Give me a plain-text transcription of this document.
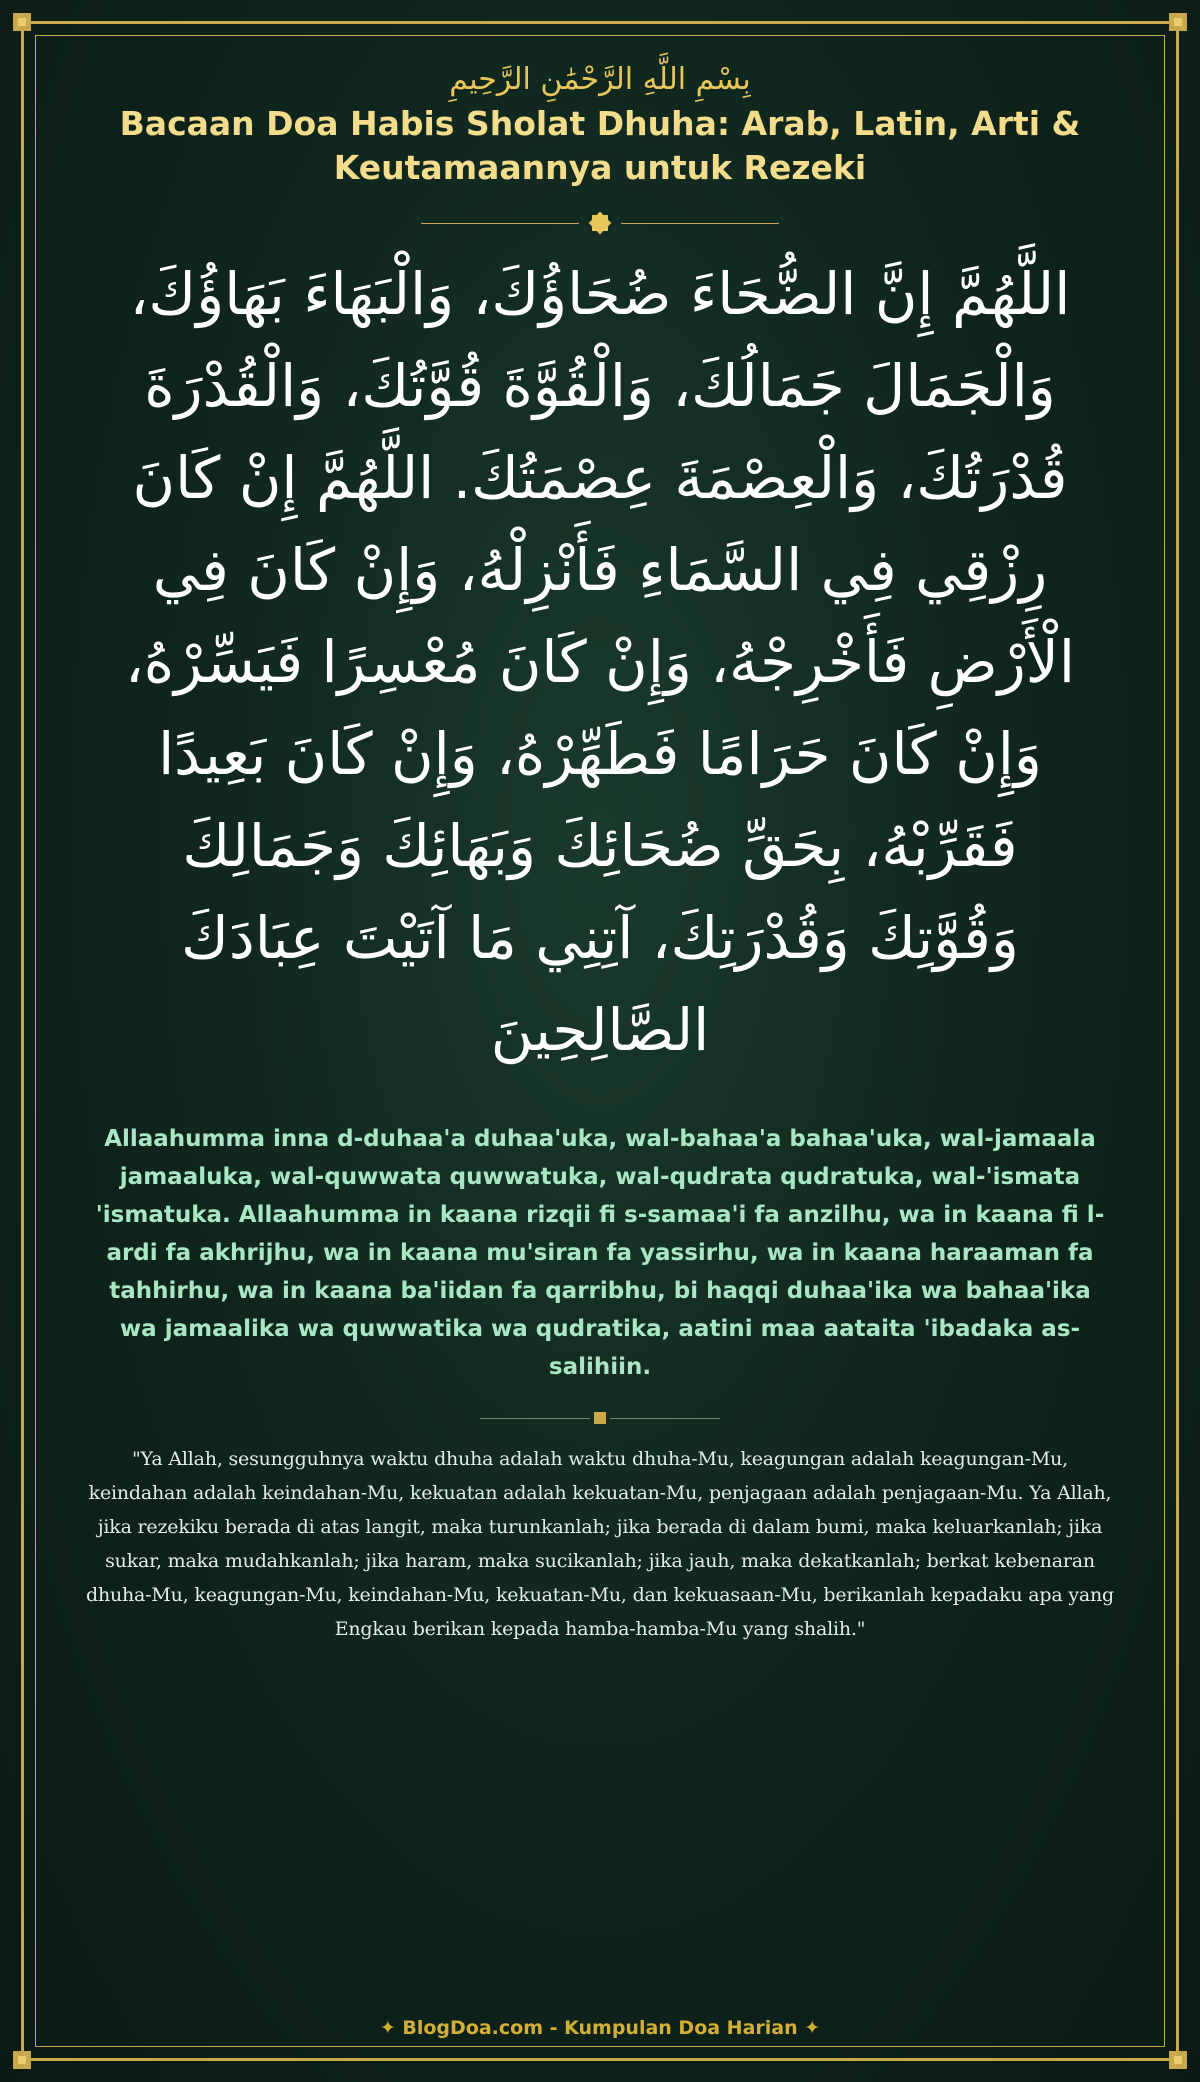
بِسْمِ اللَّهِ الرَّحْمَٰنِ الرَّحِيمِ
Bacaan Doa Habis Sholat Dhuha: Arab, Latin, Arti & Keutamaannya untuk Rezeki
اللَّهُمَّ إِنَّ الضُّحَاءَ ضُحَاؤُكَ، وَالْبَهَاءَ بَهَاؤُكَ، وَالْجَمَالَ جَمَالُكَ، وَالْقُوَّةَ قُوَّتُكَ، وَالْقُدْرَةَ قُدْرَتُكَ، وَالْعِصْمَةَ عِصْمَتُكَ. اللَّهُمَّ إِنْ كَانَ رِزْقِي فِي السَّمَاءِ فَأَنْزِلْهُ، وَإِنْ كَانَ فِي الْأَرْضِ فَأَخْرِجْهُ، وَإِنْ كَانَ مُعْسِرًا فَيَسِّرْهُ، وَإِنْ كَانَ حَرَامًا فَطَهِّرْهُ، وَإِنْ كَانَ بَعِيدًا فَقَرِّبْهُ، بِحَقِّ ضُحَائِكَ وَبَهَائِكَ وَجَمَالِكَ وَقُوَّتِكَ وَقُدْرَتِكَ، آتِنِي مَا آتَيْتَ عِبَادَكَ الصَّالِحِينَ
Allaahumma inna d-duhaa'a duhaa'uka, wal-bahaa'a bahaa'uka, wal-jamaala jamaaluka, wal-quwwata quwwatuka, wal-qudrata qudratuka, wal-'ismata 'ismatuka. Allaahumma in kaana rizqii fi s-samaa'i fa anzilhu, wa in kaana fi l-ardi fa akhrijhu, wa in kaana mu'siran fa yassirhu, wa in kaana haraaman fa tahhirhu, wa in kaana ba'iidan fa qarribhu, bi haqqi duhaa'ika wa bahaa'ika wa jamaalika wa quwwatika wa qudratika, aatini maa aataita 'ibadaka as-salihiin.
"Ya Allah, sesungguhnya waktu dhuha adalah waktu dhuha-Mu, keagungan adalah keagungan-Mu, keindahan adalah keindahan-Mu, kekuatan adalah kekuatan-Mu, penjagaan adalah penjagaan-Mu. Ya Allah, jika rezekiku berada di atas langit, maka turunkanlah; jika berada di dalam bumi, maka keluarkanlah; jika sukar, maka mudahkanlah; jika haram, maka sucikanlah; jika jauh, maka dekatkanlah; berkat kebenaran dhuha-Mu, keagungan-Mu, keindahan-Mu, kekuatan-Mu, dan kekuasaan-Mu, berikanlah kepadaku apa yang Engkau berikan kepada hamba-hamba-Mu yang shalih."
✦ BlogDoa.com - Kumpulan Doa Harian ✦
